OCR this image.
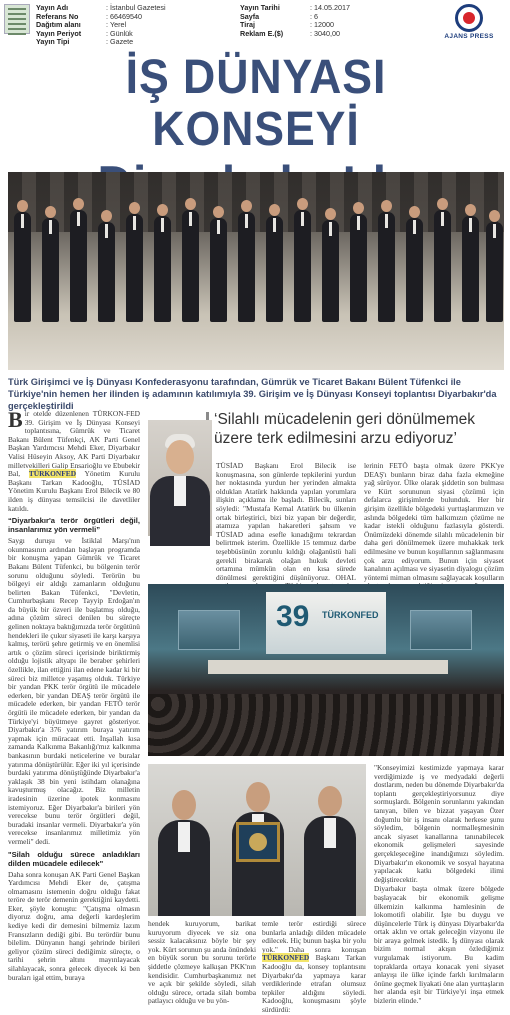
Yayın Adı	: İstanbul Gazetesi
Referans No	: 66469540
Dağıtım alanı	: Yerel
Yayın Periyot	: Günlük
Yayın Tipi	: Gazete
Yayın Tarihi	: 14.05.2017
Sayfa	: 6
Tiraj	: 12000
Reklam E.($)	: 3040,00	AJANS PRESS
İŞ DÜNYASI KONSEYİ
Türk Girişimci ve İş Dünyası Konfederasyonu tarafından, Gümrük ve Ticaret Bakanı Bülent Tüfenkci ile Türkiye'nin hemen her ilinden iş adamının katılımıyla 39. Girişim ve İş Dünyası Konseyi toplantısı Diyarbakır'da gerçekleştirildi

Bir otelde düzenlenen TÜRKON-FED 39. Girişim ve İş Dünyası Konseyi toplantısına, Gümrük ve Ticaret Bakanı Bülent Tüfenkçi, AK Parti Genel Başkan Yardımcısı Mehdi Eker, Diyarbakır Valisi Hüseyin Aksoy, AK Parti Diyarbakır milletvekilleri Galip Ensarioğlu ve Ebubekir Bal, TÜRKONFED Yönetim Kurulu Başkanı Tarkan Kadooğlu, TÜSİAD Yönetim Kurulu Başkanı Erol Bilecik ve 80 ilden iş dünyası temsilcisi ile davetliler katıldı.

“Diyarbakır'a terör örgütleri değil, insanlarımız yön vermeli”

Saygı duruşu ve İstiklal Marşı'nın okunmasının ardından başlayan programda bir konuşma yapan Gümrük ve Ticaret Bakanı Bülent Tüfenkci, bu bölgenin terör sorunu olduğunu söyledi. Terörün bu bölgeyi eir aldığı zamanların olduğunu belirten Bakan Tüfenkci, "Devletin, Cumhurbaşkanı Recep Tayyip Erdoğan'ın da büyük bir özveri ile başlatmış olduğu, adına çözüm süreci denilen bu süreçte gelinen noktaya baktığımızda terör örgütünü hendekleri ile çukur siyaseti ile karşı karşıya kalmış, terörü şehre getirmiş ve en önemlisi artık o çözüm süreci içerisinde biriktirmiş olduğu lojistik altyapı ile beraber şehirleri özellikle, ilan ettiğini ilan edene kadar ki bir süreci biz milletce yaşamış olduk. Türkiye bir yandan PKK terör örgütü ile mücadele ederken, bir yandan DEAŞ terör örgütü ile mücadele ederken, bir yandan FETÖ terör örgütü ile mücadele ederken, bir yandan da Türkiye'yi büyütmeye gayret gösteriyor. Diyarbakır'a 376 yatırım buraya yatırım yapmak için müracaat etti. İnşallah kısa zamanda Kalkınma Bakanlığı'mız kalkınma bankasının burdaki neticelerine ve buralar yatırıma dönüştürülür. Eğer iki yıl içerisinde burdaki yatırıma dönüştüğünde Diyarbakır'a yaklaşık 38 bin yeni istihdam olanağına kavuşturmuş olacağız. Biz milletin iradesinin üzerine ipotek konmasını istemiyoruz. Eğer Diyarbakır'a birileri yön verecekse bunu terör örgütleri değil, buradaki insanlar vermeli. Diyarbakır'a yön verecekse insanlarımız milletimiz yön vermeli" dedi.

"Silah olduğu sürece anladıkları dilden mücadele edilecek"

Daha sonra konuşan AK Parti Genel Başkan Yardımcısı Mehdi Eker de, çatışma olmamasını istemenin doğru olduğu fakat teröre de terör demenin gerektiğini kaydetti. Eker, şöyle konuştu: "Çatışma olmasın diyoruz doğru, ama değerli kardeşlerim kediye kedi dir demesini bilmemiz lazım Fransızların dediği gibi. Bu terördür bunu bilelim. Dünyanın hangi şehrinde birileri geliyor çözüm süreci dediğimiz süreçte, o tarihi şehrin altını mayınlayacak silahlayacak, sonra gelecek diyecek ki ben buraları igal ettim, buraya

‘Silahlı mücadelenin geri dönülmemek üzere terk edilmesini arzu ediyoruz’

TÜSİAD Başkanı Erol Bilecik ise konuşmasına, son günlerde tepkilerini yurdun her noktasında yurdun her yerinden almakta olduklan Atatürk hakkında yapılan yorumlara ilişkin açıklama ile başladı. Bilecik, sunları söyledi: "Mustafa Kemal Atatürk bu ülkenin ortak birleştirici, bizi biz yapan bir değerdir, atamıza yapılan hakaretleri şahsım ve TÜSİAD adına esefle kınadığımı tekrardan belirtmek isterim. Özellikle 15 temmuz darbe teşebbüsünün zorunlu kıldığı olağanüstü hali gerekli birakarak olağan hukuk devleti ortamına mümkün olan en kısa sürede dönülmesi gerektiğini düşünüyoruz. OHAL

lerinin FETÖ başta olmak üzere PKK'ye DEAŞ'ı bunların biraz daha fazla ekmeğine yağ sürüyor. Ülke olarak şiddetin son bulması ve Kürt sorununun siyasi çözümü için defalarca girişimlerde bulunduk. Her bir girişim özellikle bölgedeki yurttaşlarımızın ve aslında bölgedeki tüm halkımızın çözüme ne kadar istekli olduğunu fazlasıyla gösterdi. Önümüzdeki dönemde silahlı mücadelenin bir daha geri dönülmemek üzere muhakkak terk edilmesine ve bunun koşullarının sağlanmasını çok arzu ediyorum. Bunun için siyaset kanalının açılması ve siyasetin diyalogu çözüm yöntemi miman olmasını sağlayacak koşulların

39 TÜRKONFED

hendek kuruyorum, barikat kuruyorum diyecek ve siz ona sessiz kalacaksınız böyle bir şey yok. Kürt sorunun şu anda önündeki en büyük sorun bu sorunu terörle şiddetle çözmeye kalkışan PKK'nın kendisidir. Cumhurbaşkanımız net ve açık bir şekilde söyledi, silah olduğu sürece, ortada silah bomba patlayıcı olduğu ve bu yön-

temle terör estirdiği sürece bunlarla anladığı dilden mücadele edilecek. Hiç bunun başka bir yolu yok." Daha sonra konuşan TÜRKONFED Başkanı Tarkan Kadooğlu da, konsey toplantısını Diyarbakır'da yapmaya karar verdiklerinde etrafan olumsuz tepkiler aldığını söyledi. Kadooğlu, konuşmasını şöyle sürdürdü:

"Konseyimizi kestimizde yapmaya karar verdiğimizde iş ve medyadaki değerli dostlarım, neden bu dönemde Diyarbakır'da toplantı gerçekleştiriyorsunuz diye sormuşlardı. Bölgenin sorunlarını yakından tanıyan, bilen ve bizzat yaşayan Özer doğumlu bir iş insanı olarak herkese şunu söyledim, bölgenin normalleşmesinin ancak siyaset kanallarına tanınabilecek ekonomik gelişmeleri sayesinde gerçekleşeceğine inandığımızı söyledim. Diyarbakır'ın ekonomik ve sosyal hayatına yapılacak katkı bölgedeki ilimi değiştirecektir.

Diyarbakır başta olmak üzere bölgede başlayacak bir ekonomik gelişme ülkemizin kalkınma hamlesinin de lokomotifi olabilir. İşte bu duygu ve düşüncelerle Türk iş dünyası Diyarbakır'da ortak aklın ve ortak geleceğin vizyonu ile bir araya gelmek istedik. İş dünyası olarak bizim normal akışın özlediğimiz vurgulamak istiyorum. Bu kadim topraklarda ortaya konacak yeni siyaset anlayışı ile ülke içinde farklı kırılmaların önüne geçmek liyakati öne alan yurttaşların her alanda eşit bir Türkiye'yi inşa etmek bizlerin elinde."
